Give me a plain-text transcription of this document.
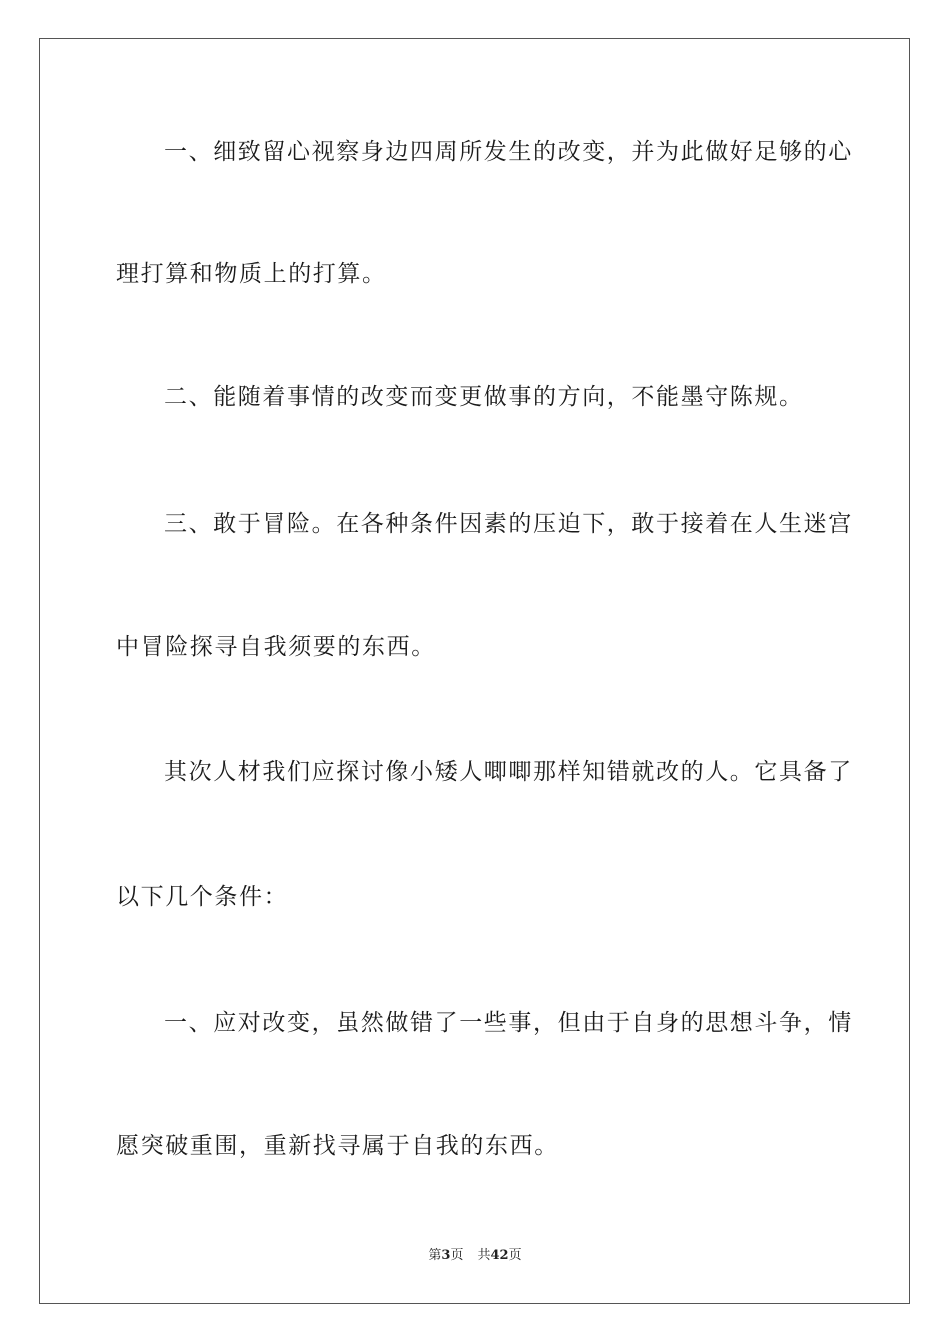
一、细致留心视察身边四周所发生的改变，并为此做好足够的心
理打算和物质上的打算。
二、能随着事情的改变而变更做事的方向，不能墨守陈规。
三、敢于冒险。在各种条件因素的压迫下，敢于接着在人生迷宫
中冒险探寻自我须要的东西。
其次人材我们应探讨像小矮人唧唧那样知错就改的人。它具备了
以下几个条件：
一、应对改变，虽然做错了一些事，但由于自身的思想斗争，情
愿突破重围，重新找寻属于自我的东西。
第3页 共42页
